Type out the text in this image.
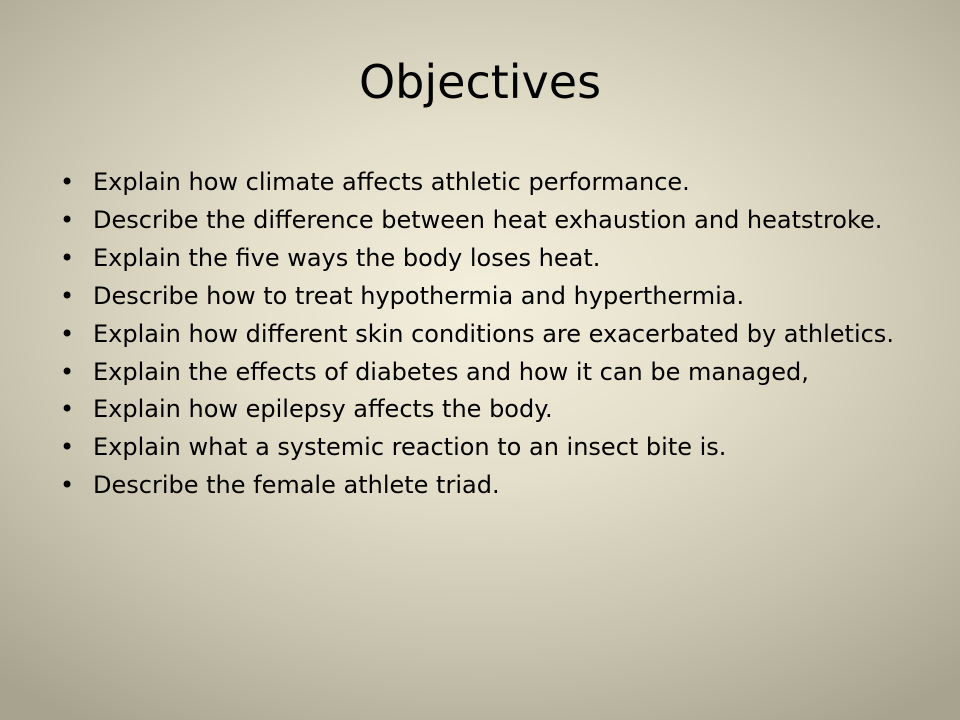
Objectives
• Explain how climate affects athletic performance.
• Describe the difference between heat exhaustion and heatstroke.
• Explain the five ways the body loses heat.
• Describe how to treat hypothermia and hyperthermia.
• Explain how different skin conditions are exacerbated by athletics.
• Explain the effects of diabetes and how it can be managed,
• Explain how epilepsy affects the body.
• Explain what a systemic reaction to an insect bite is.
• Describe the female athlete triad.
